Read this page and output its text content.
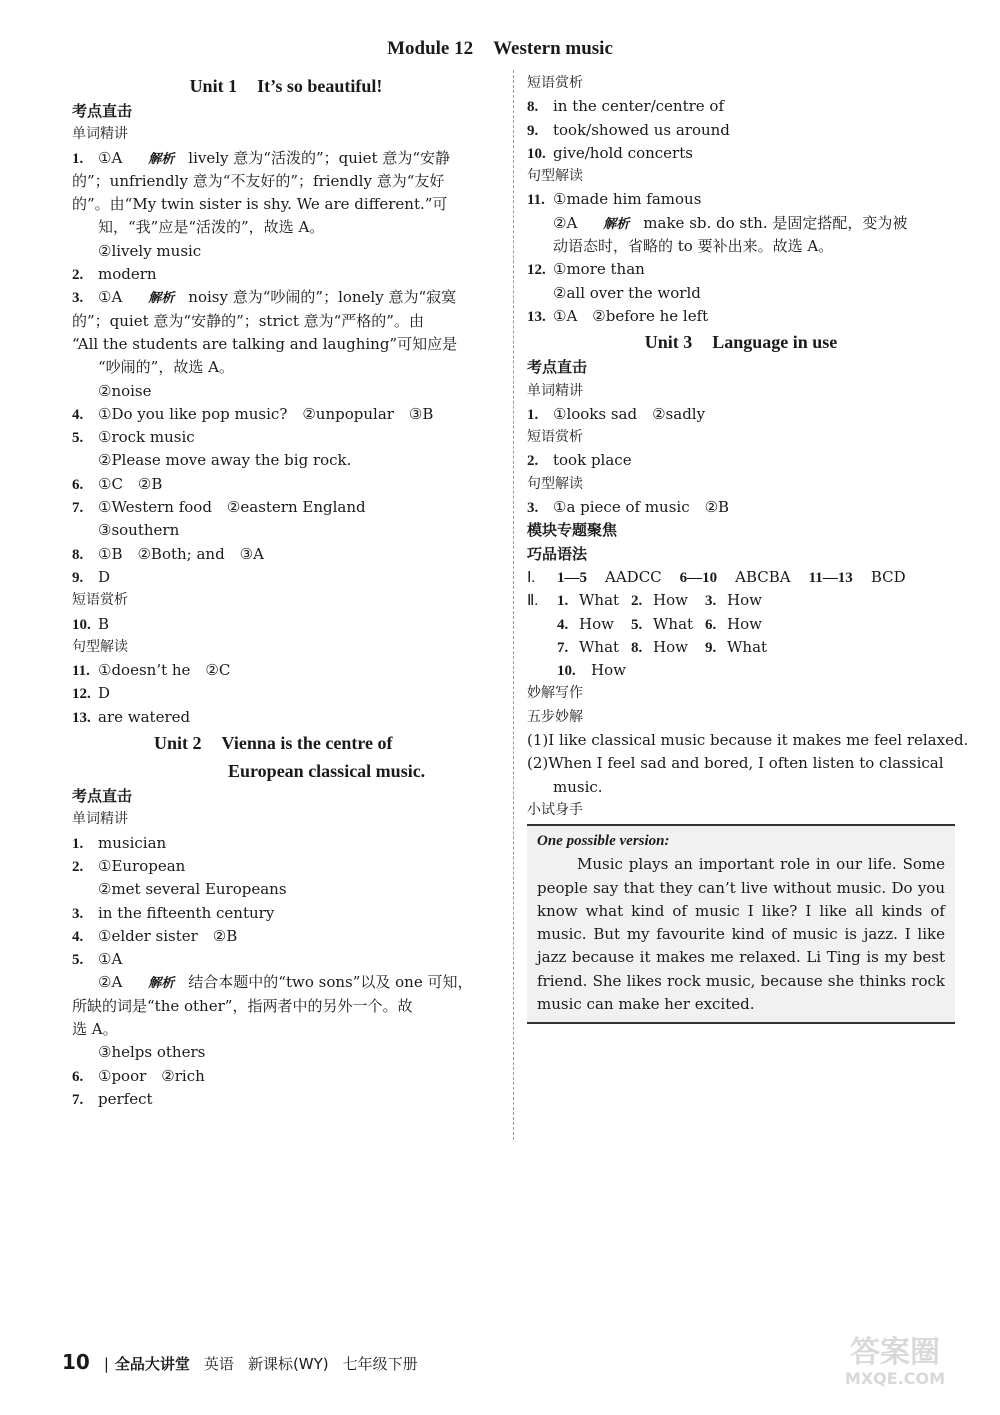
Module 12 Western music
Unit 1 It’s so beautiful!
考点直击
单词精讲
1. ①A 解析 lively 意为“活泼的”；quiet 意为“安静
的”；unfriendly 意为“不友好的”；friendly 意为“友好
的”。由“My twin sister is shy. We are different.”可
知，“我”应是“活泼的”，故选 A。
②lively music
2. modern
3. ①A 解析 noisy 意为“吵闹的”；lonely 意为“寂寞
的”；quiet 意为“安静的”；strict 意为“严格的”。由
“All the students are talking and laughing”可知应是
“吵闹的”，故选 A。
②noise
4. ①Do you like pop music?　②unpopular　③B
5. ①rock music
②Please move away the big rock.
6. ①C　②B
7. ①Western food　②eastern England
③southern
8. ①B　②Both; and　③A
9. D
短语赏析
10. B
句型解读
11. ①doesn’t he　②C
12. D
13. are watered
Unit 2 Vienna is the centre of
European classical music.
考点直击
单词精讲
1. musician
2. ①European
②met several Europeans
3. in the fifteenth century
4. ①elder sister　②B
5. ①A
②A 解析 结合本题中的“two sons”以及 one 可知，
所缺的词是“the other”，指两者中的另外一个。故
选 A。
③helps others
6. ①poor　②rich
7. perfect
短语赏析
8. in the center/centre of
9. took/showed us around
10. give/hold concerts
句型解读
11. ①made him famous
②A 解析 make sb. do sth. 是固定搭配，变为被
动语态时，省略的 to 要补出来。故选 A。
12. ①more than
②all over the world
13. ①A　②before he left
Unit 3 Language in use
考点直击
单词精讲
1. ①looks sad　②sadly
短语赏析
2. took place
句型解读
3. ①a piece of music　②B
模块专题聚焦
巧品语法
Ⅰ. 1—5 AADCC 6—10 ABCBA 11—13 BCD
Ⅱ. 1. What 2. How 3. How
4. How 5. What 6. How
7. What 8. How 9. What
10. How
妙解写作
五步妙解
(1)I like classical music because it makes me feel relaxed.
(2)When I feel sad and bored, I often listen to classical
music.
小试身手
One possible version:

Music plays an important role in our life. Some people say that they can’t live without music. Do you know what kind of music I like? I like all kinds of music. But my favourite kind of music is jazz. I like jazz because it makes me relaxed. Li Ting is my best friend. She likes rock music, because she thinks rock music can make her excited.

10 | 全品大讲堂 英语 新课标(WY) 七年级下册	答案圈
MXQE.COM
